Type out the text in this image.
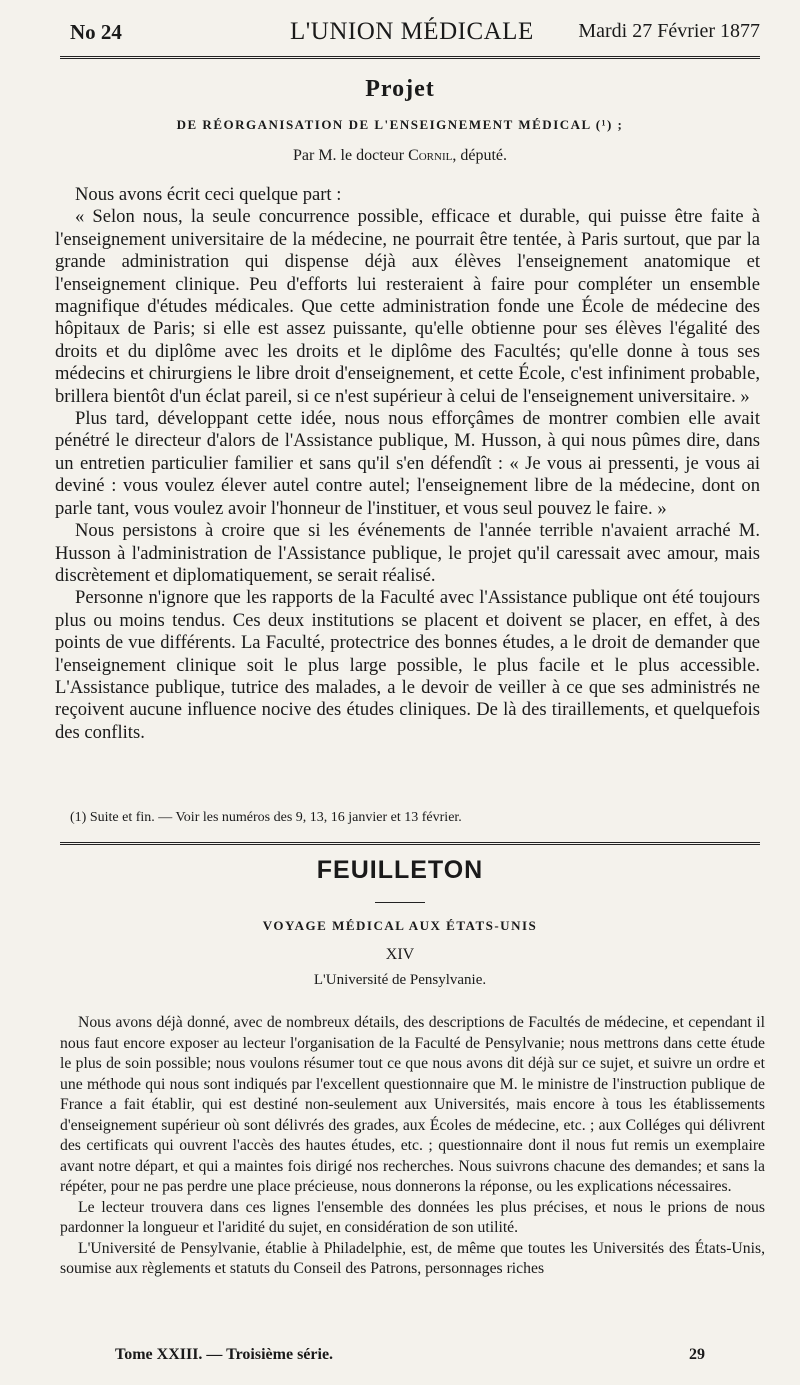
No 24	L'UNION MÉDICALE Mardi 27 Février 1877
Projet
DE RÉORGANISATION DE L'ENSEIGNEMENT MÉDICAL (¹) ;
Par M. le docteur Cornil, député.

Nous avons écrit ceci quelque part :

« Selon nous, la seule concurrence possible, efficace et durable, qui puisse être faite à l'enseignement universitaire de la médecine, ne pourrait être tentée, à Paris surtout, que par la grande administration qui dispense déjà aux élèves l'enseignement anatomique et l'enseignement clinique. Peu d'efforts lui resteraient à faire pour compléter un ensemble magnifique d'études médicales. Que cette administration fonde une École de médecine des hôpitaux de Paris; si elle est assez puissante, qu'elle obtienne pour ses élèves l'égalité des droits et du diplôme avec les droits et le diplôme des Facultés; qu'elle donne à tous ses médecins et chirurgiens le libre droit d'enseignement, et cette École, c'est infiniment probable, brillera bientôt d'un éclat pareil, si ce n'est supérieur à celui de l'enseignement universitaire. »

Plus tard, développant cette idée, nous nous efforçâmes de montrer combien elle avait pénétré le directeur d'alors de l'Assistance publique, M. Husson, à qui nous pûmes dire, dans un entretien particulier familier et sans qu'il s'en défendît : « Je vous ai pressenti, je vous ai deviné : vous voulez élever autel contre autel; l'enseignement libre de la médecine, dont on parle tant, vous voulez avoir l'honneur de l'instituer, et vous seul pouvez le faire. »

Nous persistons à croire que si les événements de l'année terrible n'avaient arraché M. Husson à l'administration de l'Assistance publique, le projet qu'il caressait avec amour, mais discrètement et diplomatiquement, se serait réalisé.

Personne n'ignore que les rapports de la Faculté avec l'Assistance publique ont été toujours plus ou moins tendus. Ces deux institutions se placent et doivent se placer, en effet, à des points de vue différents. La Faculté, protectrice des bonnes études, a le droit de demander que l'enseignement clinique soit le plus large possible, le plus facile et le plus accessible. L'Assistance publique, tutrice des malades, a le devoir de veiller à ce que ses administrés ne reçoivent aucune influence nocive des études cliniques. De là des tiraillements, et quelquefois des conflits.

(1) Suite et fin. — Voir les numéros des 9, 13, 16 janvier et 13 février.
FEUILLETON
VOYAGE MÉDICAL AUX ÉTATS-UNIS
XIV
L'Université de Pensylvanie.

Nous avons déjà donné, avec de nombreux détails, des descriptions de Facultés de médecine, et cependant il nous faut encore exposer au lecteur l'organisation de la Faculté de Pensylvanie; nous mettrons dans cette étude le plus de soin possible; nous voulons résumer tout ce que nous avons dit déjà sur ce sujet, et suivre un ordre et une méthode qui nous sont indiqués par l'excellent questionnaire que M. le ministre de l'instruction publique de France a fait établir, qui est destiné non-seulement aux Universités, mais encore à tous les établissements d'enseignement supérieur où sont délivrés des grades, aux Écoles de médecine, etc. ; aux Colléges qui délivrent des certificats qui ouvrent l'accès des hautes études, etc. ; questionnaire dont il nous fut remis un exemplaire avant notre départ, et qui a maintes fois dirigé nos recherches. Nous suivrons chacune des demandes; et sans la répéter, pour ne pas perdre une place précieuse, nous donnerons la réponse, ou les explications nécessaires.

Le lecteur trouvera dans ces lignes l'ensemble des données les plus précises, et nous le prions de nous pardonner la longueur et l'aridité du sujet, en considération de son utilité.

L'Université de Pensylvanie, établie à Philadelphie, est, de même que toutes les Universités des États-Unis, soumise aux règlements et statuts du Conseil des Patrons, personnages riches

Tome XXIII. — Troisième série.	29
